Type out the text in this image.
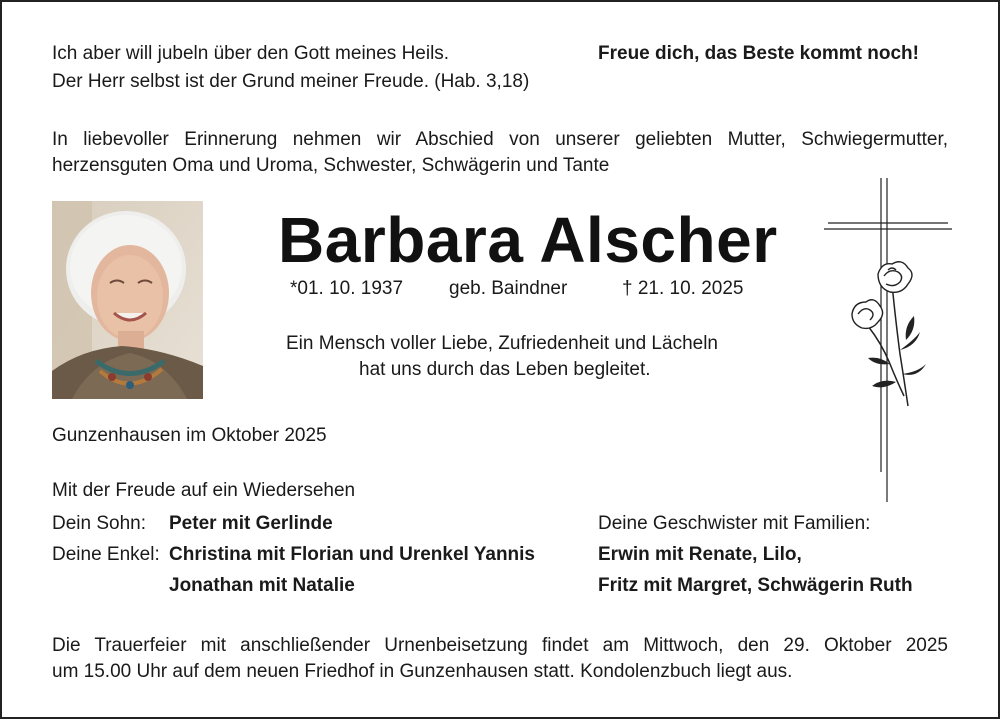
Ich aber will jubeln über den Gott meines Heils.
Der Herr selbst ist der Grund meiner Freude. (Hab. 3,18)
Freue dich, das Beste kommt noch!
In liebevoller Erinnerung nehmen wir Abschied von unserer geliebten Mutter, Schwiegermutter,
herzensguten Oma und Uroma, Schwester, Schwägerin und Tante
Barbara Alscher
*01. 10. 1937 geb. Baindner	† 21. 10. 2025
Ein Mensch voller Liebe, Zufriedenheit und Lächeln
hat uns durch das Leben begleitet.
Gunzenhausen im Oktober 2025
Mit der Freude auf ein Wiedersehen
Dein Sohn: Peter mit Gerlinde	Deine Geschwister mit Familien:
Deine Enkel: Christina mit Florian und Urenkel Yannis	Erwin mit Renate, Lilo,
Jonathan mit Natalie	Fritz mit Margret, Schwägerin Ruth
Die Trauerfeier mit anschließender Urnenbeisetzung findet am Mittwoch, den 29. Oktober 2025
um 15.00 Uhr auf dem neuen Friedhof in Gunzenhausen statt. Kondolenzbuch liegt aus.
